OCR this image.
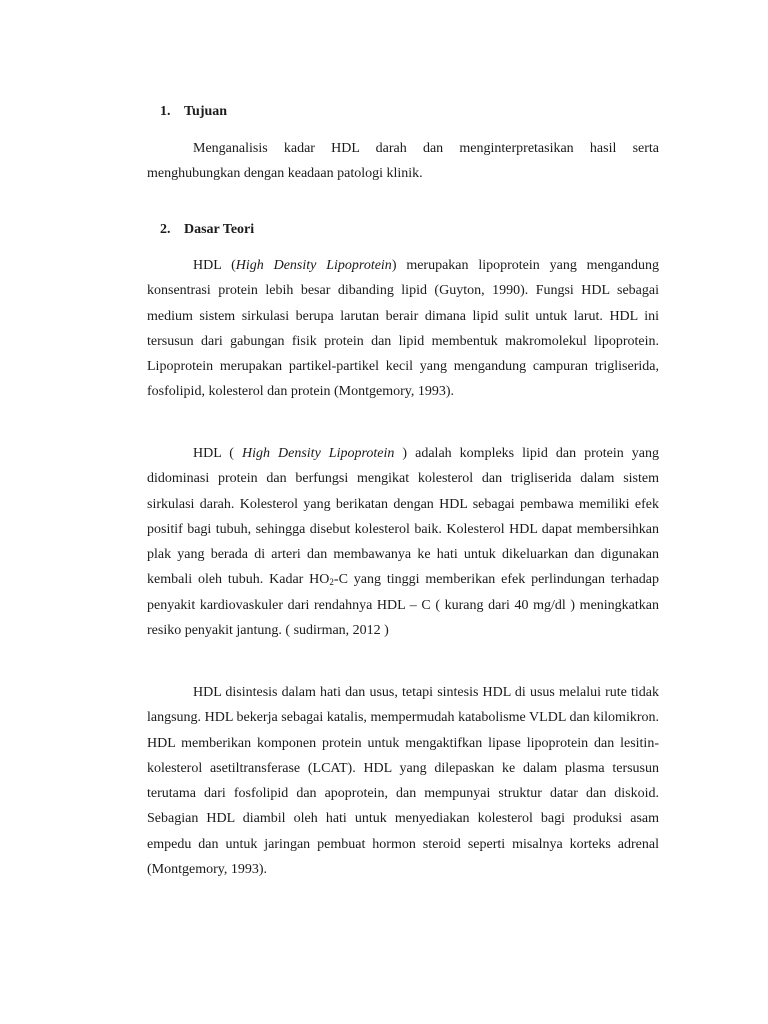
1. Tujuan

Menganalisis kadar HDL darah dan menginterpretasikan hasil serta menghubungkan dengan keadaan patologi klinik.

2. Dasar Teori

HDL (High Density Lipoprotein) merupakan lipoprotein yang mengandung konsentrasi protein lebih besar dibanding lipid (Guyton, 1990). Fungsi HDL sebagai medium sistem sirkulasi berupa larutan berair dimana lipid sulit untuk larut. HDL ini tersusun dari gabungan fisik protein dan lipid membentuk makromolekul lipoprotein. Lipoprotein merupakan partikel-partikel kecil yang mengandung campuran trigliserida, fosfolipid, kolesterol dan protein (Montgemory, 1993).

HDL ( High Density Lipoprotein ) adalah kompleks lipid dan protein yang didominasi protein dan berfungsi mengikat kolesterol dan trigliserida dalam sistem sirkulasi darah. Kolesterol yang berikatan dengan HDL sebagai pembawa memiliki efek positif bagi tubuh, sehingga disebut kolesterol baik. Kolesterol HDL dapat membersihkan plak yang berada di arteri dan membawanya ke hati untuk dikeluarkan dan digunakan kembali oleh tubuh. Kadar $HO_2-C$ yang tinggi memberikan efek perlindungan terhadap penyakit kardiovaskuler dari rendahnya HDL – C ( kurang dari 40 mg/dl ) meningkatkan resiko penyakit jantung. ( sudirman, 2012 )

HDL disintesis dalam hati dan usus, tetapi sintesis HDL di usus melalui rute tidak langsung. HDL bekerja sebagai katalis, mempermudah katabolisme VLDL dan kilomikron. HDL memberikan komponen protein untuk mengaktifkan lipase lipoprotein dan lesitin-kolesterol asetiltransferase (LCAT). HDL yang dilepaskan ke dalam plasma tersusun terutama dari fosfolipid dan apoprotein, dan mempunyai struktur datar dan diskoid. Sebagian HDL diambil oleh hati untuk menyediakan kolesterol bagi produksi asam empedu dan untuk jaringan pembuat hormon steroid seperti misalnya korteks adrenal (Montgemory, 1993).
